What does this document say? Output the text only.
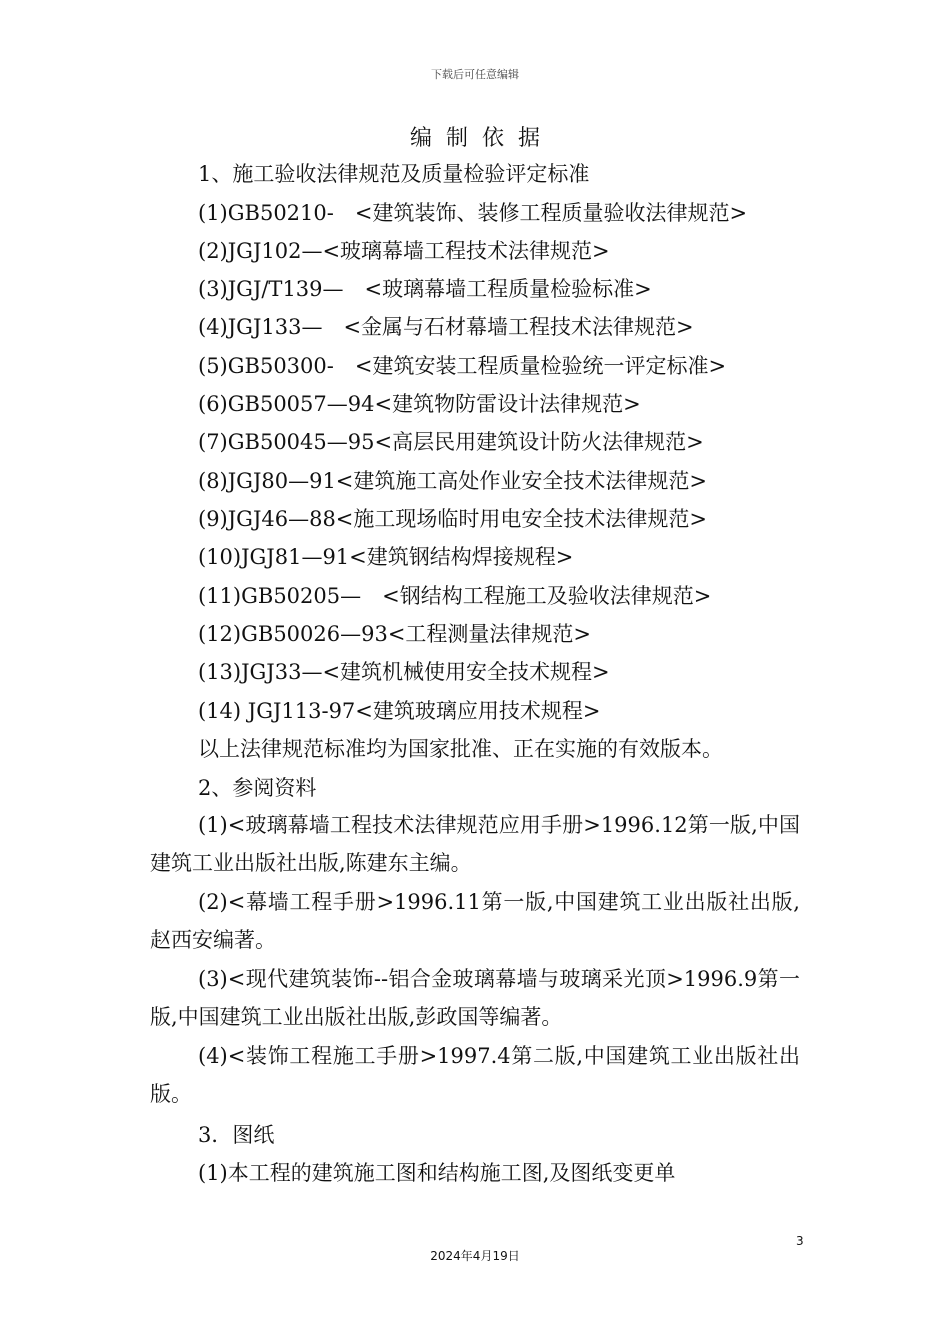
下载后可任意编辑
编制依据
1、施工验收法律规范及质量检验评定标准
(1)GB50210-　<建筑装饰、装修工程质量验收法律规范>
(2)JGJ102—<玻璃幕墙工程技术法律规范>
(3)JGJ/T139—　<玻璃幕墙工程质量检验标准>
(4)JGJ133—　<金属与石材幕墙工程技术法律规范>
(5)GB50300-　<建筑安装工程质量检验统一评定标准>
(6)GB50057—94<建筑物防雷设计法律规范>
(7)GB50045—95<高层民用建筑设计防火法律规范>
(8)JGJ80—91<建筑施工高处作业安全技术法律规范>
(9)JGJ46—88<施工现场临时用电安全技术法律规范>
(10)JGJ81—91<建筑钢结构焊接规程>
(11)GB50205—　<钢结构工程施工及验收法律规范>
(12)GB50026—93<工程测量法律规范>
(13)JGJ33—<建筑机械使用安全技术规程>
(14) JGJ113-97<建筑玻璃应用技术规程>
以上法律规范标准均为国家批准、正在实施的有效版本。
2、参阅资料
(1)<玻璃幕墙工程技术法律规范应用手册>1996.12第一版,中国建筑工业出版社出版,陈建东主编。
(2)<幕墙工程手册>1996.11第一版,中国建筑工业出版社出版,赵西安编著。
(3)<现代建筑装饰--铝合金玻璃幕墙与玻璃采光顶>1996.9第一版,中国建筑工业出版社出版,彭政国等编著。
(4)<装饰工程施工手册>1997.4第二版,中国建筑工业出版社出版。
3．图纸
(1)本工程的建筑施工图和结构施工图,及图纸变更单
3
2024年4月19日
